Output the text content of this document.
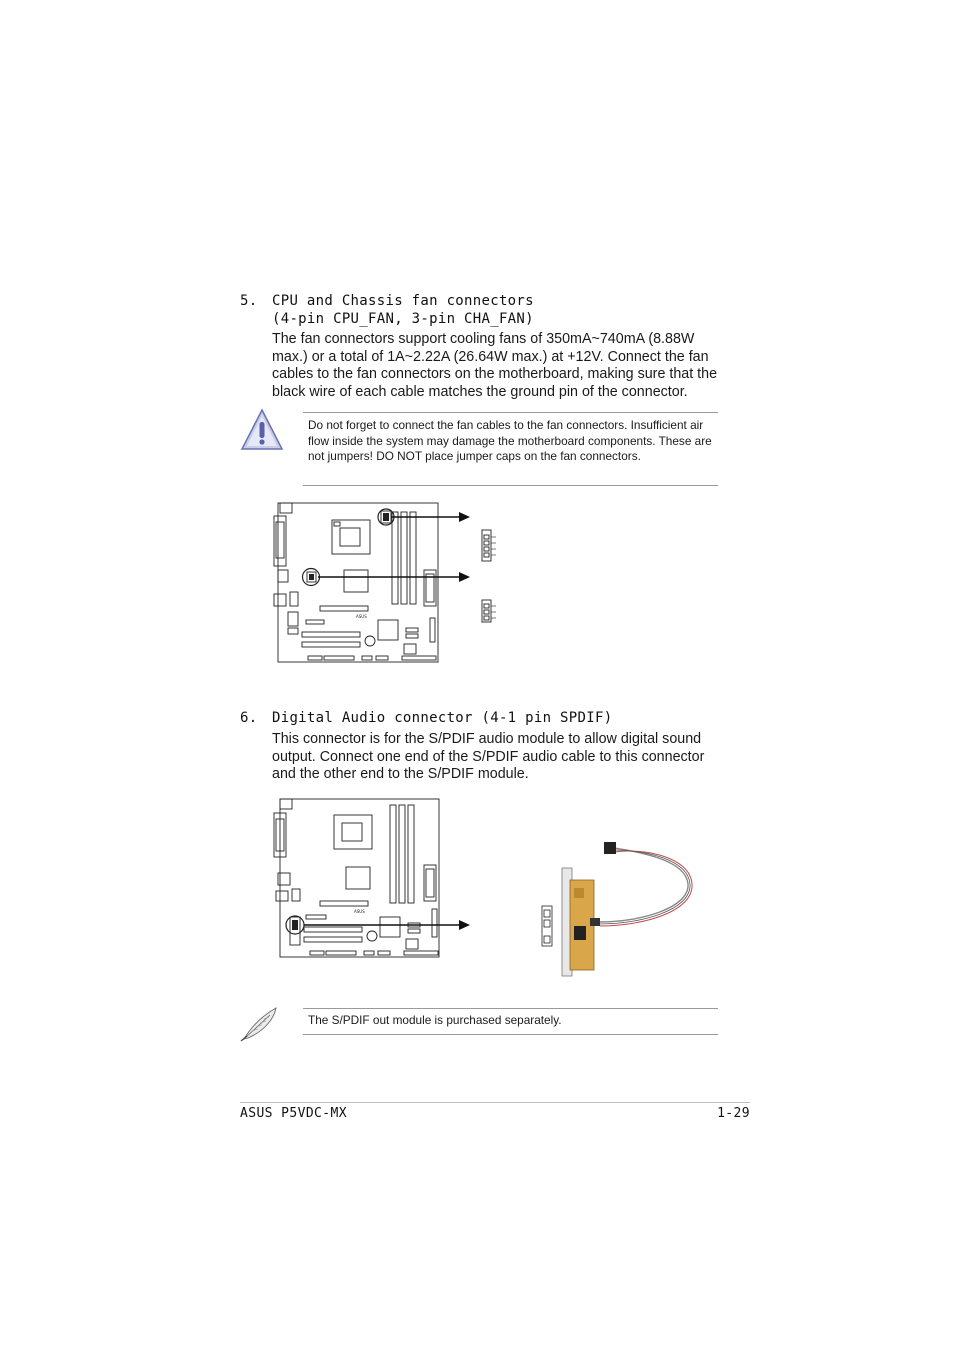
5. CPU and Chassis fan connectors
(4-pin CPU_FAN, 3-pin CHA_FAN)
The fan connectors support cooling fans of 350mA~740mA (8.88W max.) or a total of 1A~2.22A (26.64W max.) at +12V. Connect the fan cables to the fan connectors on the motherboard, making sure that the black wire of each cable matches the ground pin of the connector.
Do not forget to connect the fan cables to the fan connectors. Insufficient air flow inside the system may damage the motherboard components. These are not jumpers! DO NOT place jumper caps on the fan connectors.
ASUS
6. Digital Audio connector (4-1 pin SPDIF)
This connector is for the S/PDIF audio module to allow digital sound output. Connect one end of the S/PDIF audio cable to this connector and the other end to the S/PDIF module.
ASUS
The S/PDIF out module is purchased separately.
ASUS P5VDC-MX	1-29
